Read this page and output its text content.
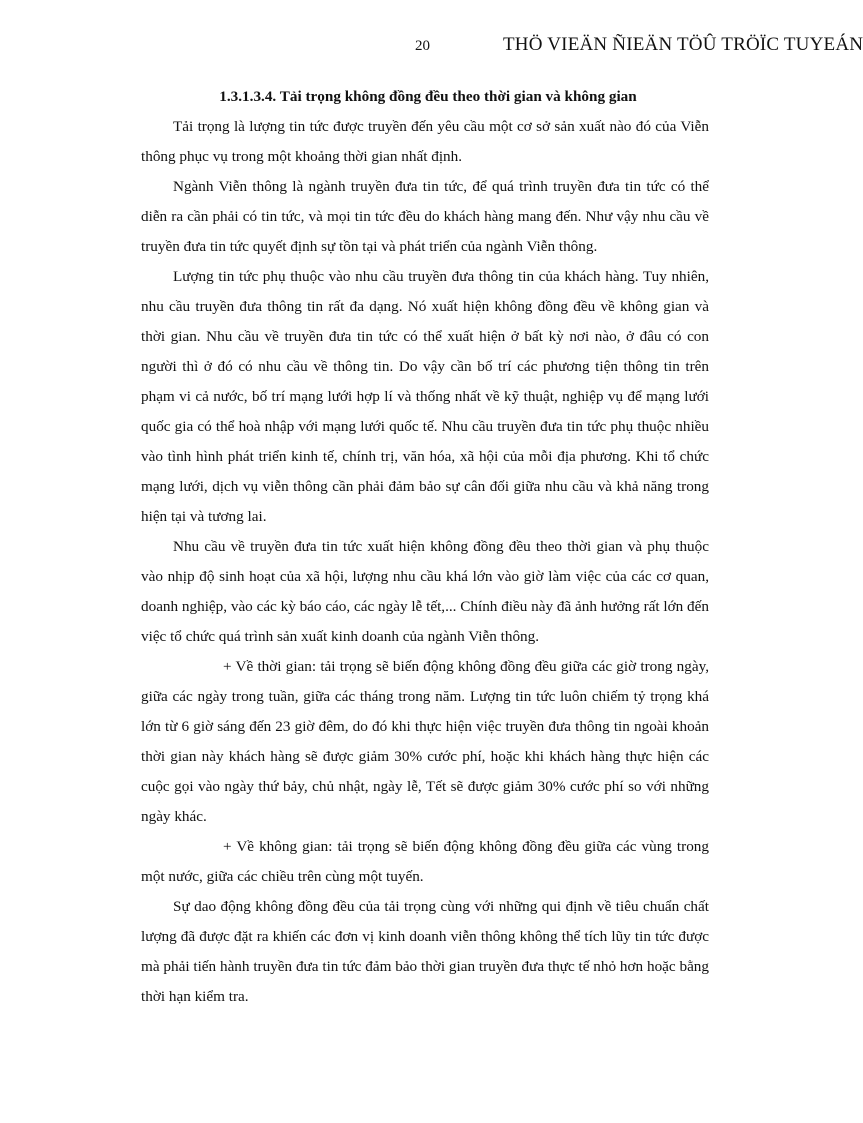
20	THÖ VIEÄN ÑIEÄN TÖÛ TRÖÏC TUYEÁN

1.3.1.3.4. Tải trọng không đồng đều theo thời gian và không gian

Tải trọng là lượng tin tức được truyền đến yêu cầu một cơ sở sản xuất nào đó của Viễn thông phục vụ trong một khoảng thời gian nhất định.

Ngành Viễn thông là ngành truyền đưa tin tức, để quá trình truyền đưa tin tức có thể diễn ra cần phải có tin tức, và mọi tin tức đều do khách hàng mang đến. Như vậy nhu cầu về truyền đưa tin tức quyết định sự tồn tại và phát triển của ngành Viễn thông.

Lượng tin tức phụ thuộc vào nhu cầu truyền đưa thông tin của khách hàng. Tuy nhiên, nhu cầu truyền đưa thông tin rất đa dạng. Nó xuất hiện không đồng đều về không gian và thời gian. Nhu cầu về truyền đưa tin tức có thể xuất hiện ở bất kỳ nơi nào, ở đâu có con người thì ở đó có nhu cầu về thông tin. Do vậy cần bố trí các phương tiện thông tin trên phạm vi cả nước, bố trí mạng lưới hợp lí và thống nhất về kỹ thuật, nghiệp vụ để mạng lưới quốc gia có thể hoà nhập với mạng lưới quốc tế. Nhu cầu truyền đưa tin tức phụ thuộc nhiều vào tình hình phát triển kinh tế, chính trị, văn hóa, xã hội của mỗi địa phương. Khi tổ chức mạng lưới, dịch vụ viễn thông cần phải đảm bảo sự cân đối giữa nhu cầu và khả năng trong hiện tại và tương lai.

Nhu cầu về truyền đưa tin tức xuất hiện không đồng đều theo thời gian và phụ thuộc vào nhịp độ sinh hoạt của xã hội, lượng nhu cầu khá lớn vào giờ làm việc của các cơ quan, doanh nghiệp, vào các kỳ báo cáo, các ngày lễ tết,... Chính điều này đã ảnh hưởng rất lớn đến việc tổ chức quá trình sản xuất kinh doanh của ngành Viễn thông.

+ Về thời gian: tải trọng sẽ biến động không đồng đều giữa các giờ trong ngày, giữa các ngày trong tuần, giữa các tháng trong năm. Lượng tin tức luôn chiếm tỷ trọng khá lớn từ 6 giờ sáng đến 23 giờ đêm, do đó khi thực hiện việc truyền đưa thông tin ngoài khoản thời gian này khách hàng sẽ được giảm 30% cước phí, hoặc khi khách hàng thực hiện các cuộc gọi vào ngày thứ bảy, chủ nhật, ngày lễ, Tết sẽ được giảm 30% cước phí so với những ngày khác.

+ Về không gian: tải trọng sẽ biến động không đồng đều giữa các vùng trong một nước, giữa các chiều trên cùng một tuyến.

Sự dao động không đồng đều của tải trọng cùng với những qui định về tiêu chuẩn chất lượng đã được đặt ra khiến các đơn vị kinh doanh viễn thông không thể tích lũy tin tức được mà phải tiến hành truyền đưa tin tức đảm bảo thời gian truyền đưa thực tế nhỏ hơn hoặc bằng thời hạn kiểm tra.
